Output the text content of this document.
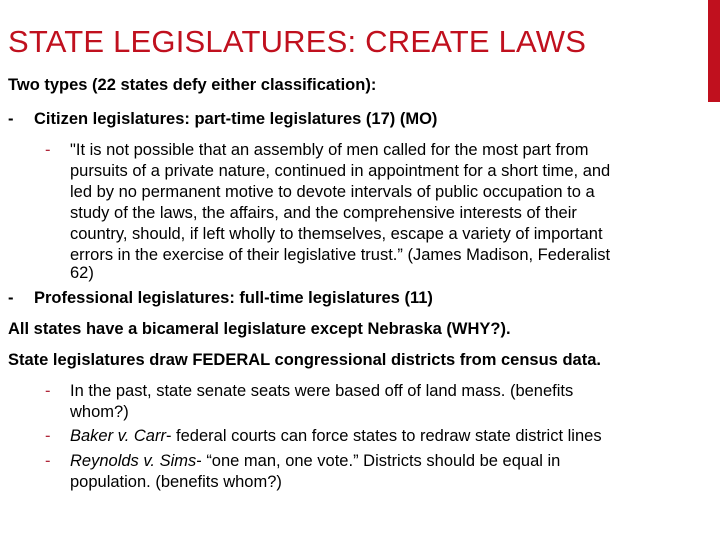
STATE LEGISLATURES: CREATE LAWS
Two types (22 states defy either classification):
- Citizen legislatures: part-time legislatures (17) (MO)
- "It is not possible that an assembly of men called for the most part from
pursuits of a private nature, continued in appointment for a short time, and
led by no permanent motive to devote intervals of public occupation to a
study of the laws, the affairs, and the comprehensive interests of their
country, should, if left wholly to themselves, escape a variety of important
errors in the exercise of their legislative trust.” (James Madison, Federalist
62)
- Professional legislatures: full-time legislatures (11)
All states have a bicameral legislature except Nebraska (WHY?).
State legislatures draw FEDERAL congressional districts from census data.
- In the past, state senate seats were based off of land mass. (benefits
whom?)
- Baker v. Carr- federal courts can force states to redraw state district lines
- Reynolds v. Sims- “one man, one vote.” Districts should be equal in
population. (benefits whom?)
